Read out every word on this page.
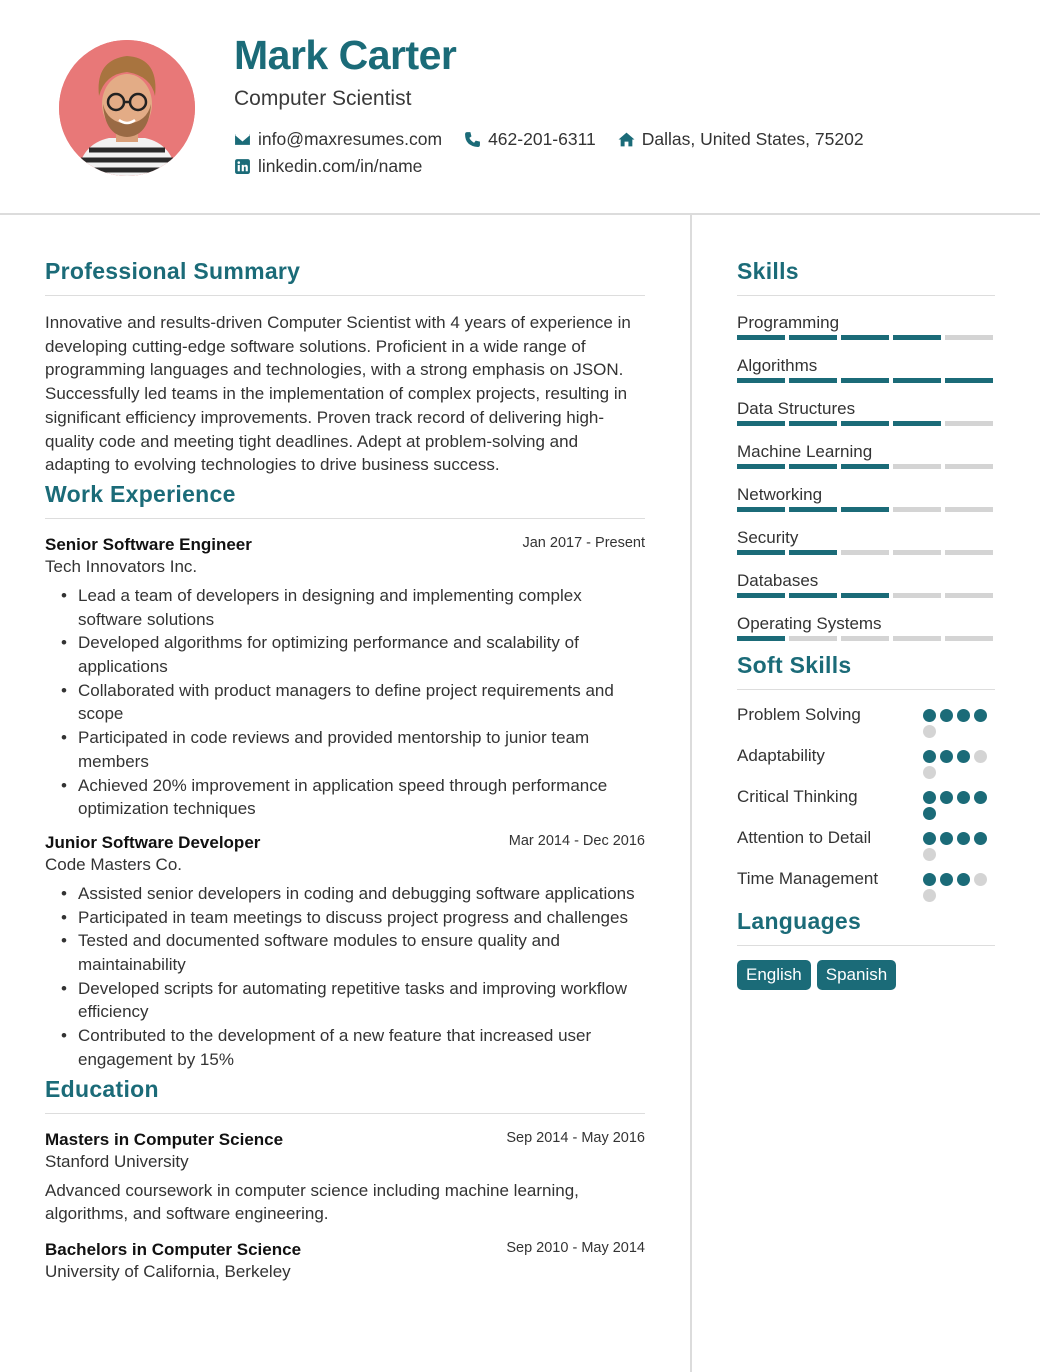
Mark Carter
Computer Scientist
info@maxresumes.com	462-201-6311	Dallas, United States, 75202
linkedin.com/in/name
Professional Summary
Innovative and results-driven Computer Scientist with 4 years of experience in developing cutting-edge software solutions. Proficient in a wide range of programming languages and technologies, with a strong emphasis on JSON. Successfully led teams in the implementation of complex projects, resulting in significant efficiency improvements. Proven track record of delivering high-quality code and meeting tight deadlines. Adept at problem-solving and adapting to evolving technologies to drive business success.
Work Experience
Senior Software Engineer	Jan 2017 - Present
Tech Innovators Inc.
• Lead a team of developers in designing and implementing complex software solutions
• Developed algorithms for optimizing performance and scalability of applications
• Collaborated with product managers to define project requirements and scope
• Participated in code reviews and provided mentorship to junior team members
• Achieved 20% improvement in application speed through performance optimization techniques
Junior Software Developer	Mar 2014 - Dec 2016
Code Masters Co.
• Assisted senior developers in coding and debugging software applications
• Participated in team meetings to discuss project progress and challenges
• Tested and documented software modules to ensure quality and maintainability
• Developed scripts for automating repetitive tasks and improving workflow efficiency
• Contributed to the development of a new feature that increased user engagement by 15%
Education
Masters in Computer Science	Sep 2014 - May 2016
Stanford University
Advanced coursework in computer science including machine learning, algorithms, and software engineering.
Bachelors in Computer Science	Sep 2010 - May 2014
University of California, Berkeley
Skills
Programming
Algorithms
Data Structures
Machine Learning
Networking
Security
Databases
Operating Systems
Soft Skills
Problem Solving
Adaptability
Critical Thinking
Attention to Detail
Time Management
Languages
English	Spanish
